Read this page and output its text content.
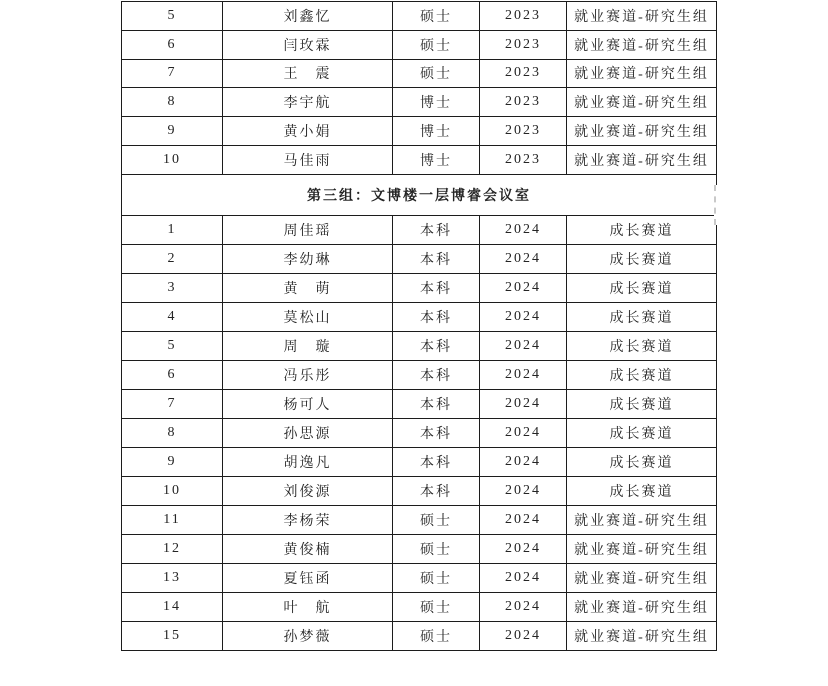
5	刘鑫忆	硕士	2023	就业赛道-研究生组
6	闫玫霖	硕士	2023	就业赛道-研究生组
7	王　震	硕士	2023	就业赛道-研究生组
8	李宇航	博士	2023	就业赛道-研究生组
9	黄小娟	博士	2023	就业赛道-研究生组
10	马佳雨	博士	2023	就业赛道-研究生组
第三组：文博楼一层博睿会议室				
1	周佳瑶	本科	2024	成长赛道
2	李幼琳	本科	2024	成长赛道
3	黄　萌	本科	2024	成长赛道
4	莫松山	本科	2024	成长赛道
5	周　璇	本科	2024	成长赛道
6	冯乐彤	本科	2024	成长赛道
7	杨可人	本科	2024	成长赛道
8	孙思源	本科	2024	成长赛道
9	胡逸凡	本科	2024	成长赛道
10	刘俊源	本科	2024	成长赛道
11	李杨荣	硕士	2024	就业赛道-研究生组
12	黄俊楠	硕士	2024	就业赛道-研究生组
13	夏钰函	硕士	2024	就业赛道-研究生组
14	叶　航	硕士	2024	就业赛道-研究生组
15	孙梦薇	硕士	2024	就业赛道-研究生组
